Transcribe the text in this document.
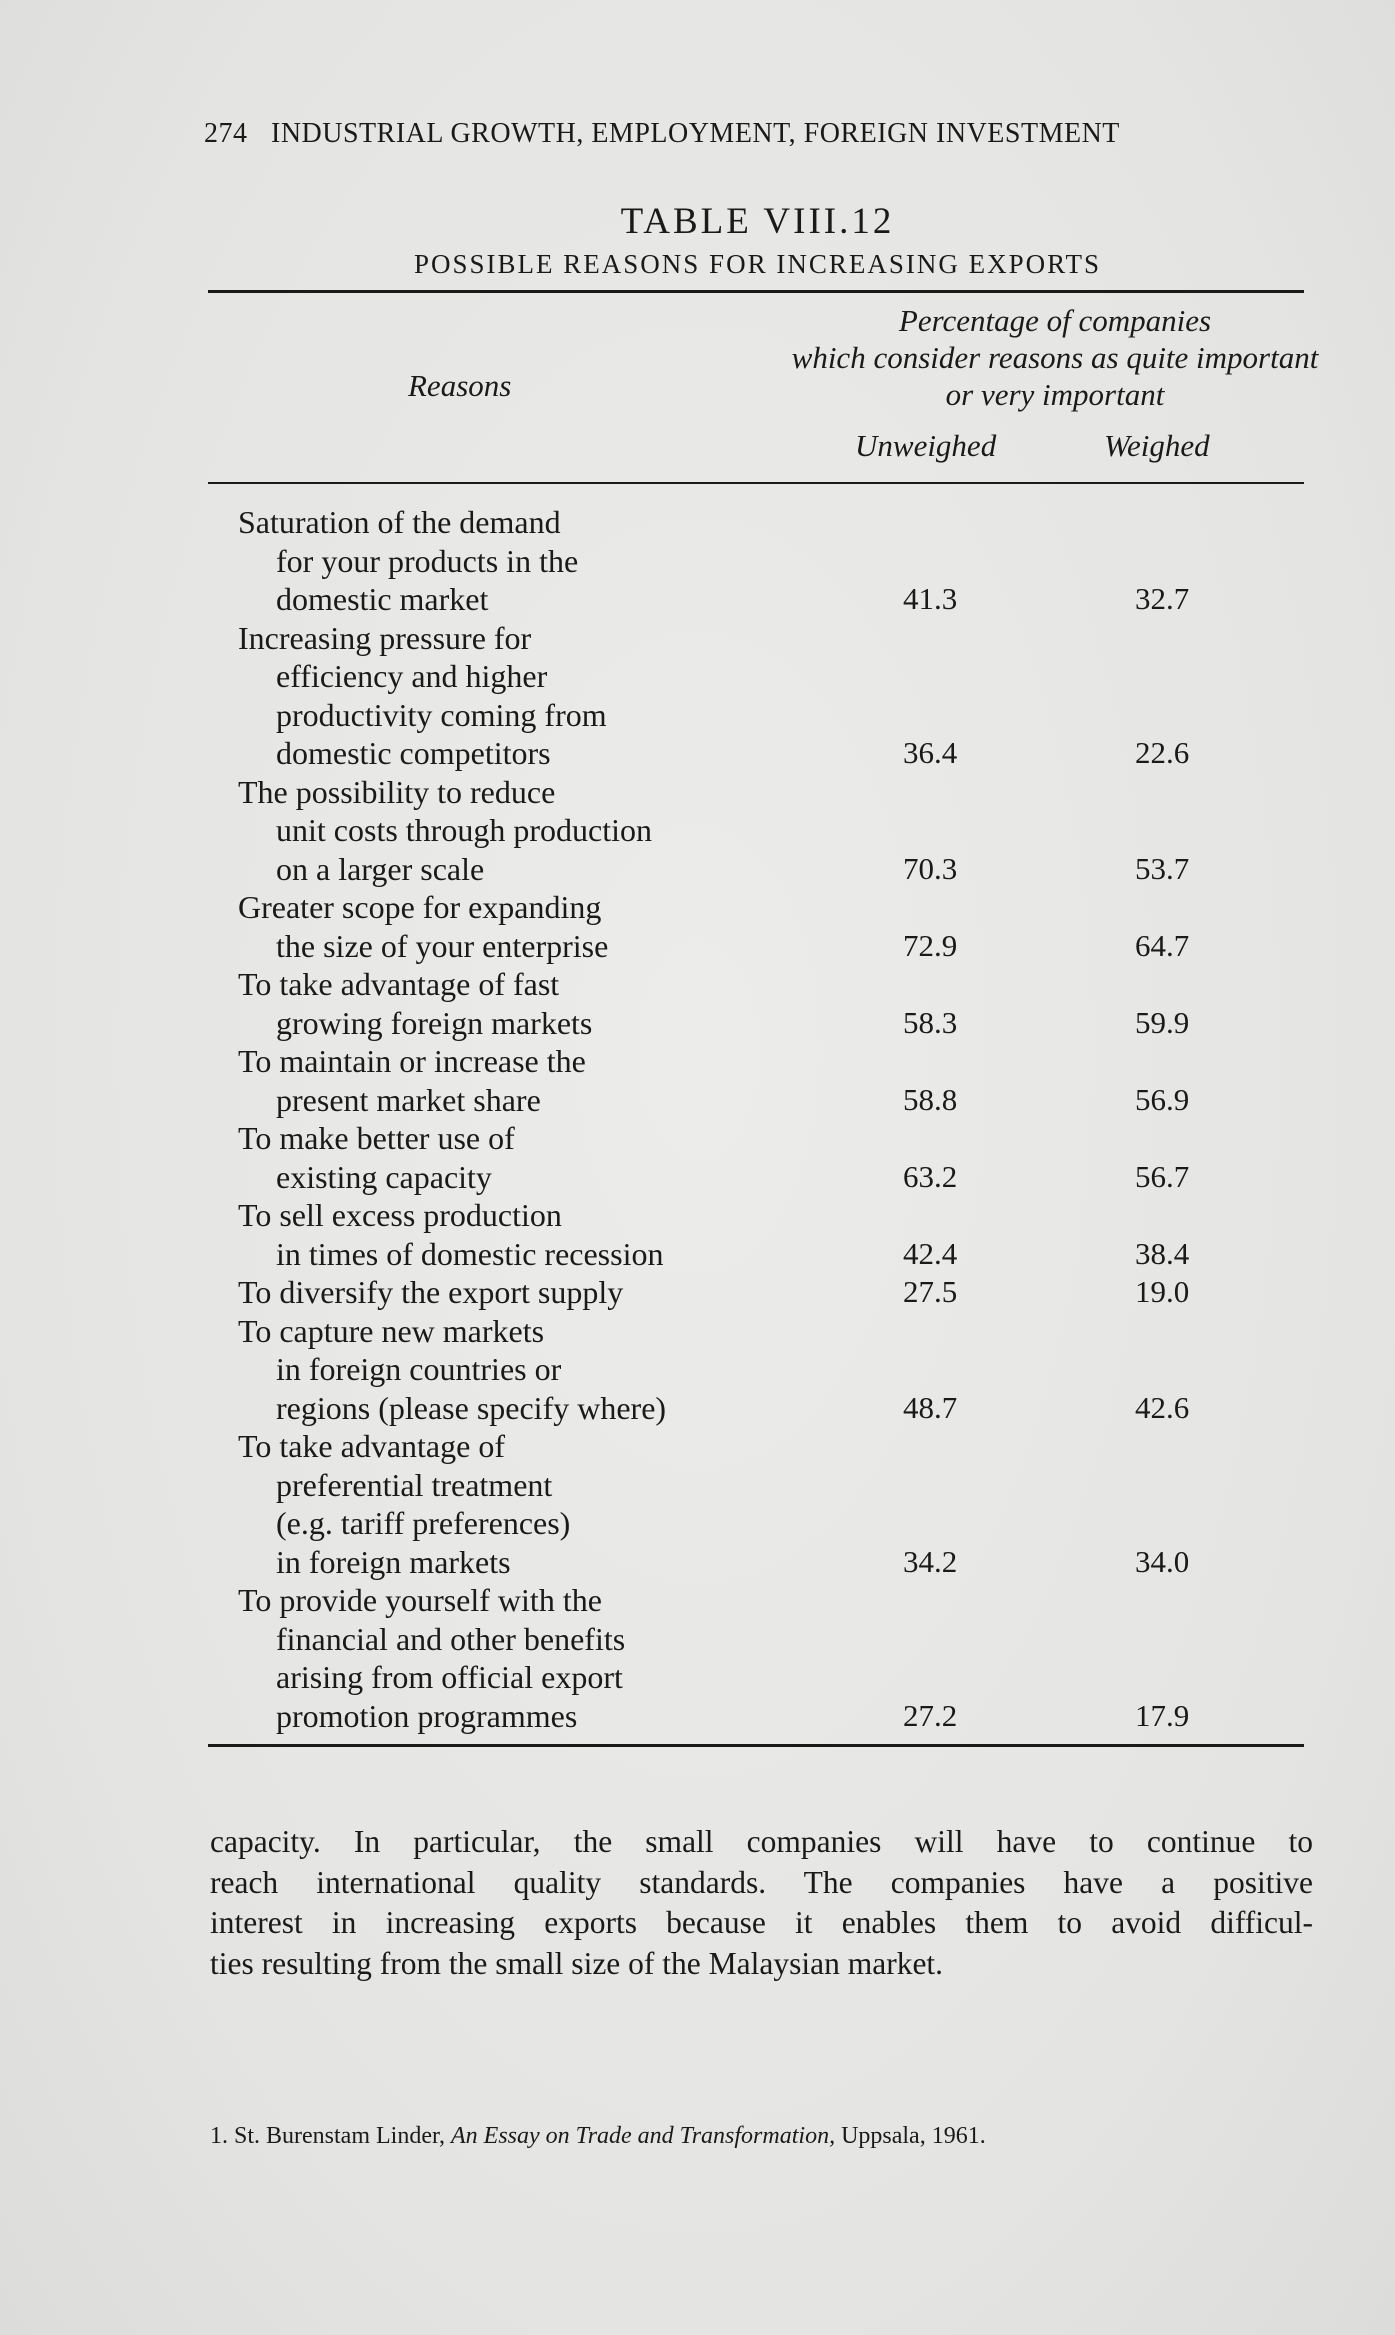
274 INDUSTRIAL GROWTH, EMPLOYMENT, FOREIGN INVESTMENT
TABLE VIII.12
POSSIBLE REASONS FOR INCREASING EXPORTS
Reasons
Percentage of companies
which consider reasons as quite important
or very important
Unweighed	Weighed
Saturation of the demand
for your products in the
domestic market	41.3	32.7
Increasing pressure for
efficiency and higher
productivity coming from
domestic competitors	36.4	22.6
The possibility to reduce
unit costs through production
on a larger scale	70.3	53.7
Greater scope for expanding
the size of your enterprise	72.9	64.7
To take advantage of fast
growing foreign markets	58.3	59.9
To maintain or increase the
present market share	58.8	56.9
To make better use of
existing capacity	63.2	56.7
To sell excess production
in times of domestic recession	42.4	38.4
To diversify the export supply	27.5	19.0
To capture new markets
in foreign countries or
regions (please specify where)	48.7	42.6
To take advantage of
preferential treatment
(e.g. tariff preferences)
in foreign markets	34.2	34.0
To provide yourself with the
financial and other benefits
arising from official export
promotion programmes	27.2	17.9
capacity. In particular, the small companies will have to continue to
reach international quality standards. The companies have a positive
interest in increasing exports because it enables them to avoid difficul-
ties resulting from the small size of the Malaysian market.
1. St. Burenstam Linder, An Essay on Trade and Transformation, Uppsala, 1961.
